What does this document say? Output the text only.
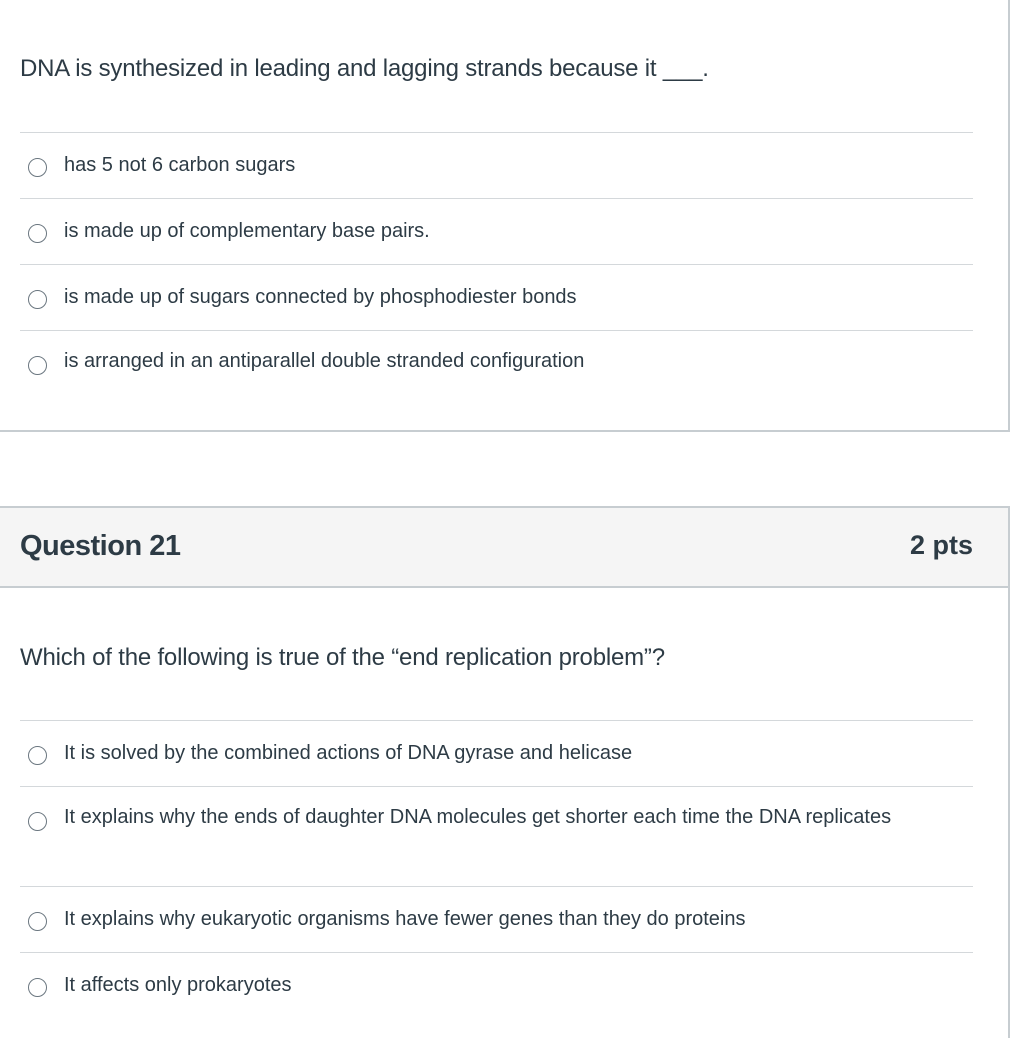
DNA is synthesized in leading and lagging strands because it ___.
has 5 not 6 carbon sugars
is made up of complementary base pairs.
is made up of sugars connected by phosphodiester bonds
is arranged in an antiparallel double stranded configuration
Question 21	2 pts
Which of the following is true of the “end replication problem”?
It is solved by the combined actions of DNA gyrase and helicase
It explains why the ends of daughter DNA molecules get shorter each time the DNA replicates
It explains why eukaryotic organisms have fewer genes than they do proteins
It affects only prokaryotes
